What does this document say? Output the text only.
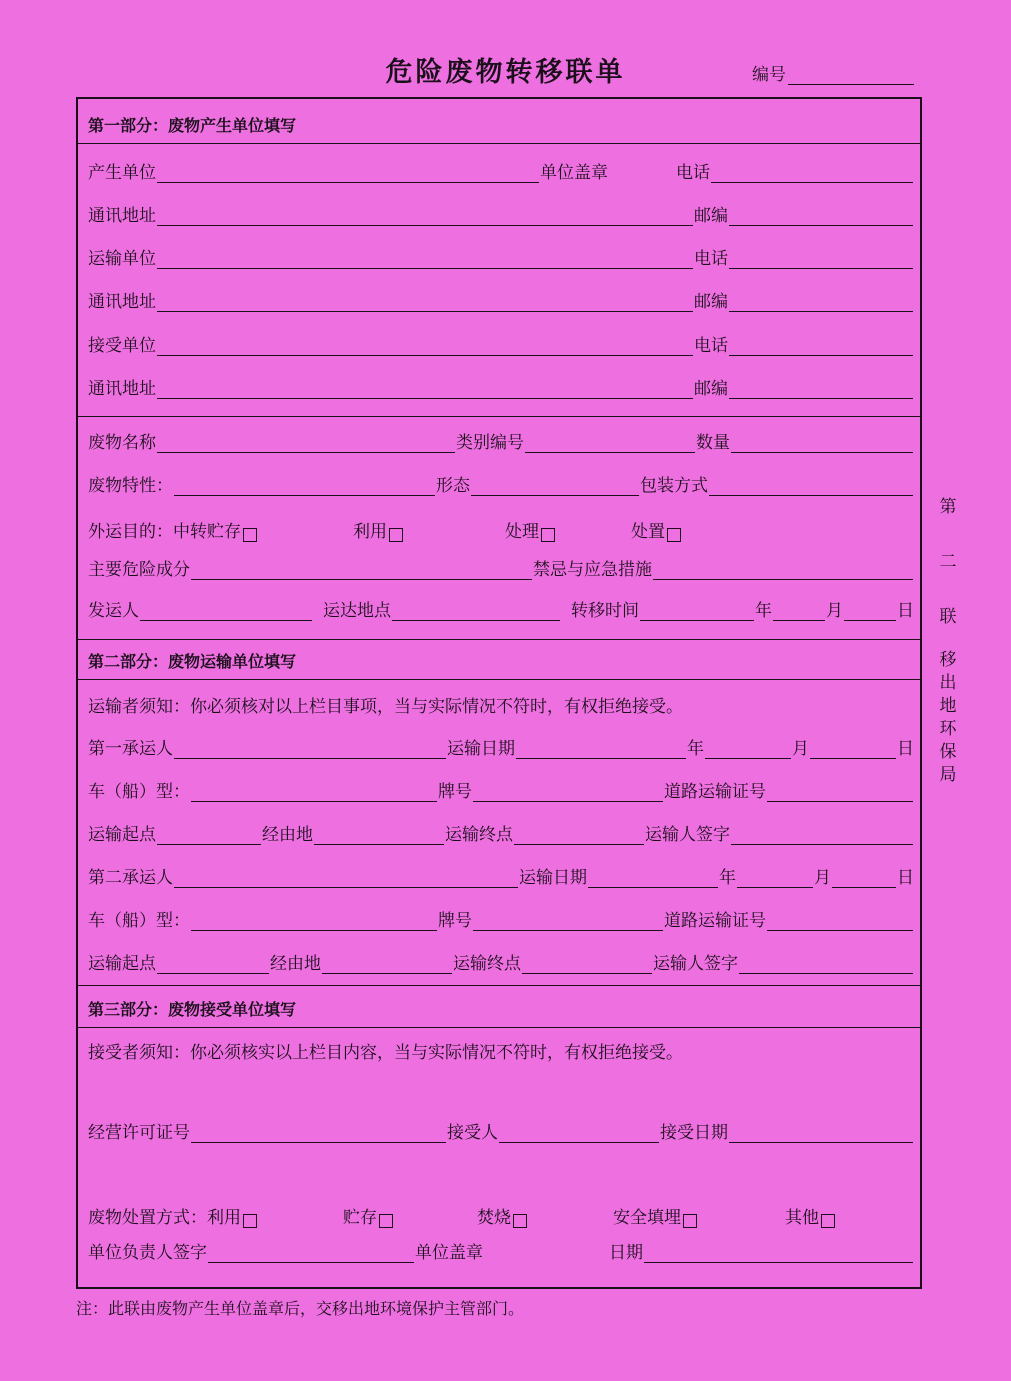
危险废物转移联单	编号
第一部分：废物产生单位填写
产生单位	单位盖章	电话
通讯地址	邮编
运输单位	电话
通讯地址	邮编
接受单位	电话
通讯地址	邮编
废物名称	类别编号	数量
废物特性：	形态	包装方式
外运目的： 中转贮存	利用	处理	处置
主要危险成分	禁忌与应急措施
发运人	运达地点	转移时间	年	月	日
第二部分：废物运输单位填写
运输者须知：你必须核对以上栏目事项，当与实际情况不符时，有权拒绝接受。
第一承运人	运输日期	年	月	日
车（船）型：	牌号	道路运输证号
运输起点	经由地	运输终点	运输人签字
第二承运人	运输日期	年	月	日
车（船）型：	牌号	道路运输证号
运输起点	经由地	运输终点	运输人签字
第三部分：废物接受单位填写
接受者须知：你必须核实以上栏目内容，当与实际情况不符时，有权拒绝接受。
经营许可证号	接受人	接受日期
废物处置方式： 利用	贮存	焚烧	安全填埋	其他
单位负责人签字	单位盖章	日期
第
二
联
移
出
地
环
保
局
注：此联由废物产生单位盖章后，交移出地环境保护主管部门。
